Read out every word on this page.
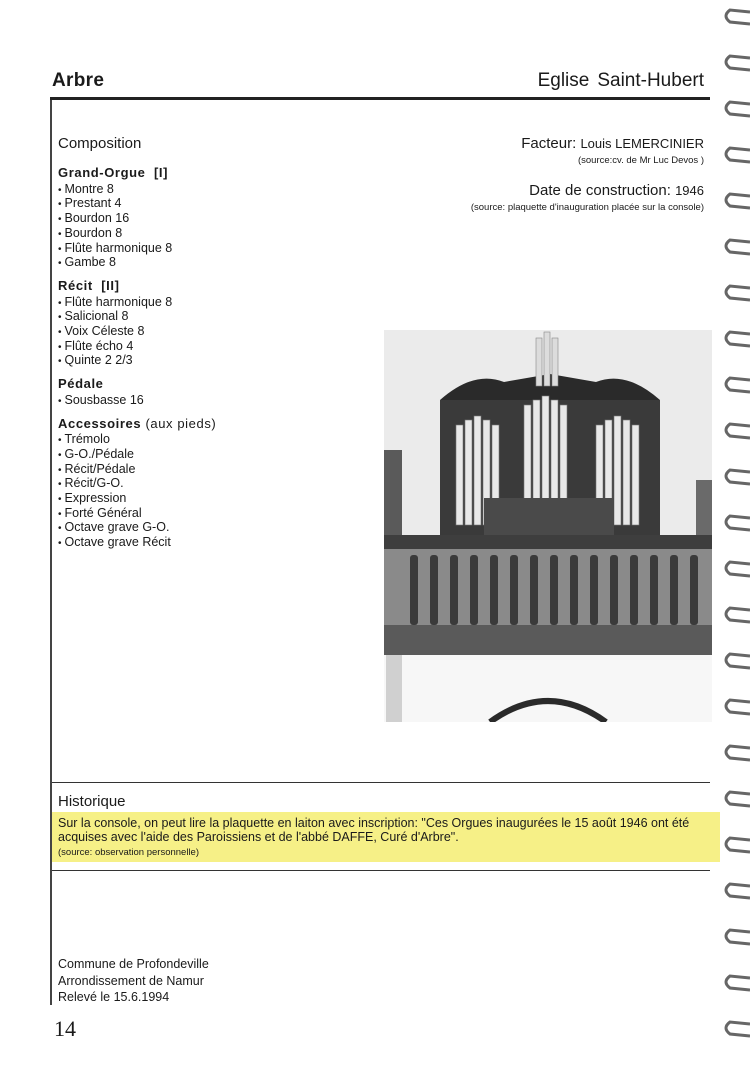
Arbre	Eglise Saint-Hubert
Composition
Grand-Orgue [I]
• Montre 8
• Prestant 4
• Bourdon 16
• Bourdon 8
• Flûte harmonique 8
• Gambe 8
Récit [II]
• Flûte harmonique 8
• Salicional 8
• Voix Céleste 8
• Flûte écho 4
• Quinte 2 2/3
Pédale
• Sousbasse 16
Accessoires (aux pieds)
• Trémolo
• G-O./Pédale
• Récit/Pédale
• Récit/G-O.
• Expression
• Forté Général
• Octave grave G-O.
• Octave grave Récit
Facteur: Louis LEMERCINIER
(source:cv. de Mr Luc Devos )
Date de construction: 1946
(source: plaquette d'inauguration placée sur la console)
Historique
Sur la console, on peut lire la plaquette en laiton avec inscription: "Ces Orgues inaugurées le 15 août 1946 ont été acquises avec l'aide des Paroissiens et de l'abbé DAFFE, Curé d'Arbre".
(source: observation personnelle)
Commune de Profondeville
Arrondissement de Namur
Relevé le 15.6.1994
14
